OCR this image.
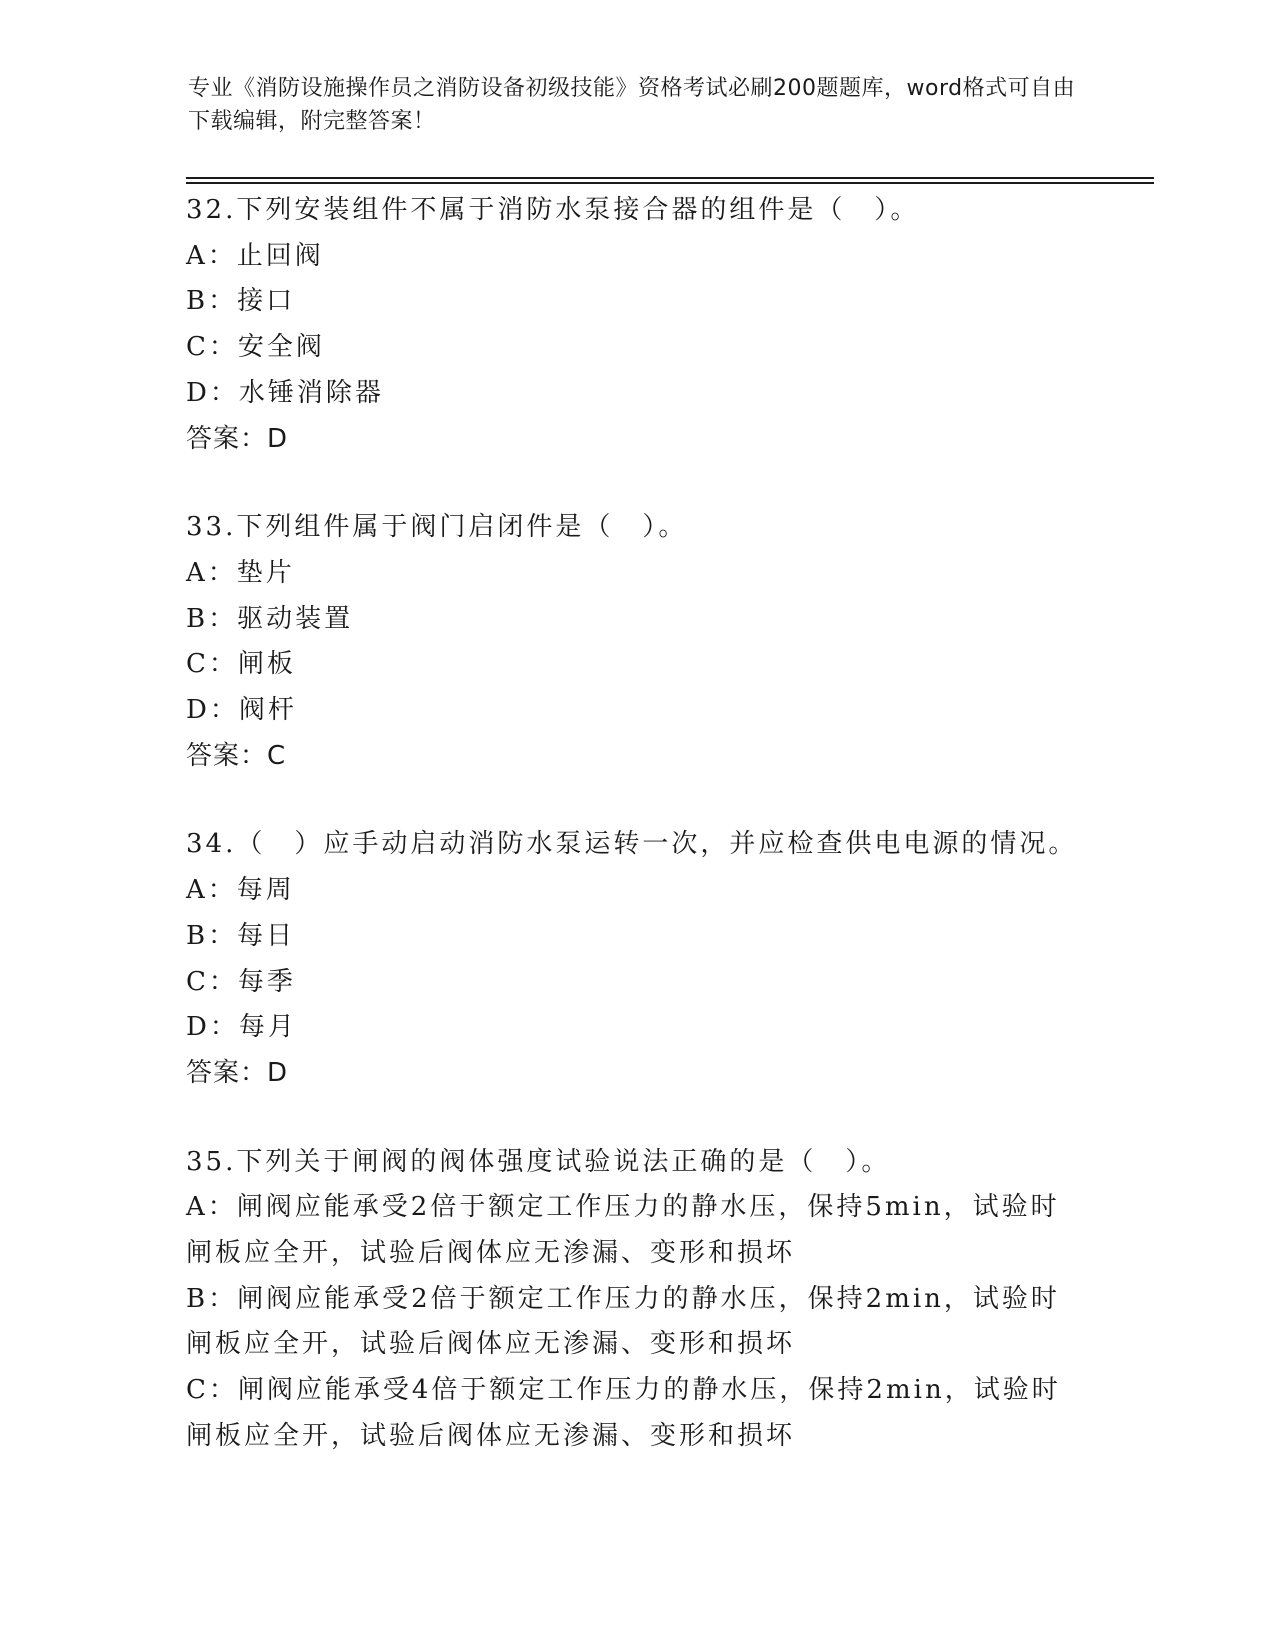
专业《消防设施操作员之消防设备初级技能》资格考试必刷200题题库，word格式可自由下载编辑，附完整答案！
32.下列安装组件不属于消防水泵接合器的组件是（　）。
A：止回阀
B：接口
C：安全阀
D：水锤消除器
答案：D
33.下列组件属于阀门启闭件是（　）。
A：垫片
B：驱动装置
C：闸板
D：阀杆
答案：C
34.（　）应手动启动消防水泵运转一次，并应检查供电电源的情况。
A：每周
B：每日
C：每季
D：每月
答案：D
35.下列关于闸阀的阀体强度试验说法正确的是（　）。
A：闸阀应能承受2倍于额定工作压力的静水压，保持5min，试验时闸板应全开，试验后阀体应无渗漏、变形和损坏
B：闸阀应能承受2倍于额定工作压力的静水压，保持2min，试验时闸板应全开，试验后阀体应无渗漏、变形和损坏
C：闸阀应能承受4倍于额定工作压力的静水压，保持2min，试验时闸板应全开，试验后阀体应无渗漏、变形和损坏
